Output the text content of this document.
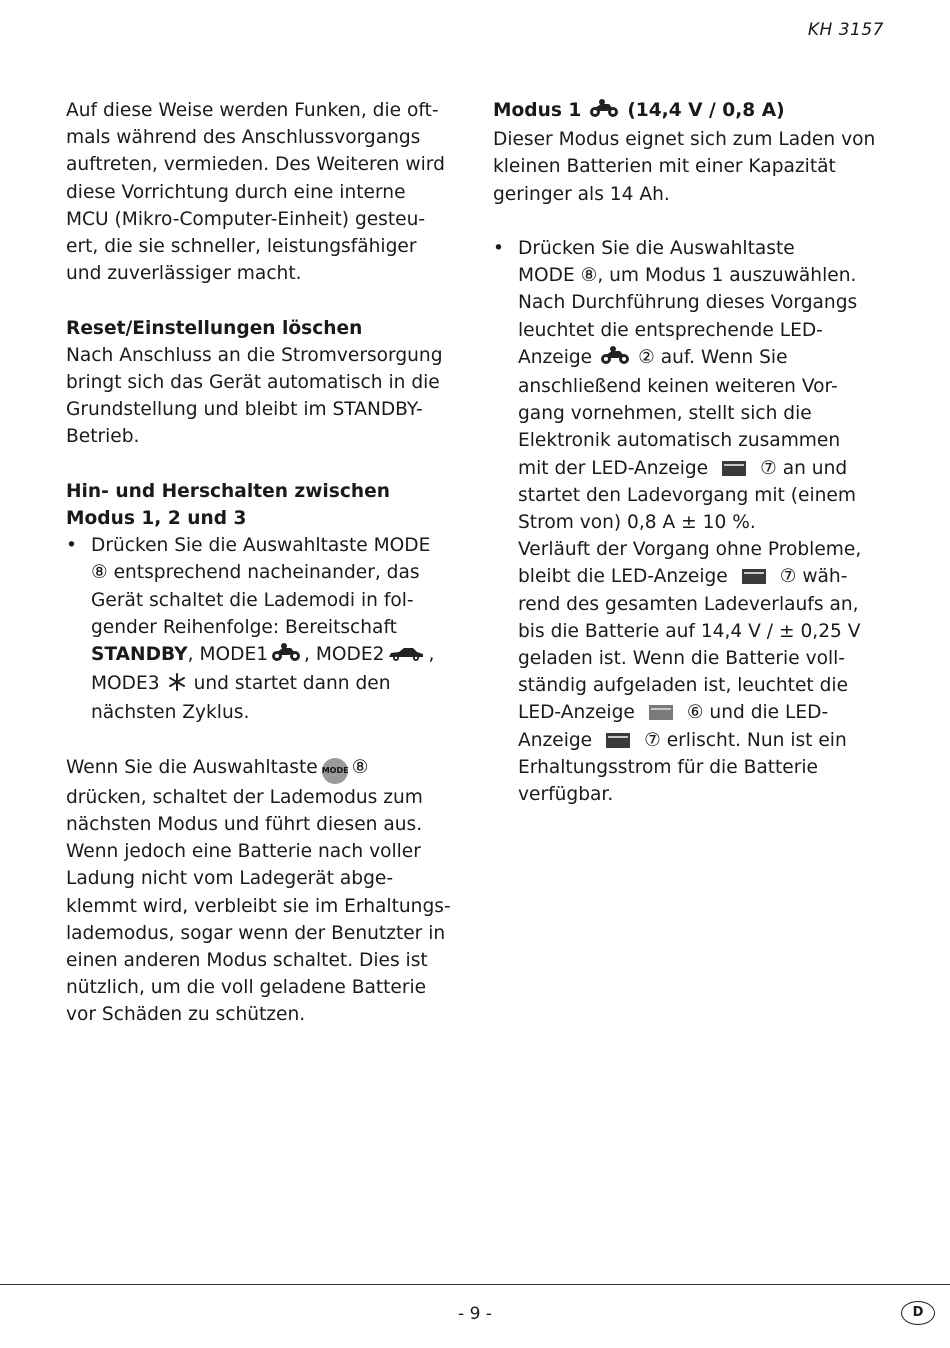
KH 3157

Auf diese Weise werden Funken, die oft-

mals während des Anschlussvorgangs

auftreten, vermieden. Des Weiteren wird

diese Vorrichtung durch eine interne

MCU (Mikro-Computer-Einheit) gesteu-

ert, die sie schneller, leistungsfähiger

und zuverlässiger macht.

Reset/Einstellungen löschen

Nach Anschluss an die Stromversorgung

bringt sich das Gerät automatisch in die

Grundstellung und bleibt im STANDBY-

Betrieb.

Hin- und Herschalten zwischen

Modus 1, 2 und 3

• Drücken Sie die Auswahltaste MODE

⑧ entsprechend nacheinander, das

Gerät schaltet die Lademodi in fol-

gender Reihenfolge: Bereitschaft

STANDBY, MODE1 , MODE2 ,

MODE3 und startet dann den

nächsten Zyklus.

Wenn Sie die Auswahltaste MODE ⑧

drücken, schaltet der Lademodus zum

nächsten Modus und führt diesen aus.

Wenn jedoch eine Batterie nach voller

Ladung nicht vom Ladegerät abge-

klemmt wird, verbleibt sie im Erhaltungs-

lademodus, sogar wenn der Benutzter in

einen anderen Modus schaltet. Dies ist

nützlich, um die voll geladene Batterie

vor Schäden zu schützen.

Modus 1 (14,4 V / 0,8 A)

Dieser Modus eignet sich zum Laden von

kleinen Batterien mit einer Kapazität

geringer als 14 Ah.

• Drücken Sie die Auswahltaste

MODE ⑧, um Modus 1 auszuwählen.

Nach Durchführung dieses Vorgangs

leuchtet die entsprechende LED-

Anzeige ② auf. Wenn Sie

anschließend keinen weiteren Vor-

gang vornehmen, stellt sich die

Elektronik automatisch zusammen

mit der LED-Anzeige	⑦ an und

startet den Ladevorgang mit (einem

Strom von) 0,8 A ± 10 %.

Verläuft der Vorgang ohne Probleme,

bleibt die LED-Anzeige	⑦ wäh-

rend des gesamten Ladeverlaufs an,

bis die Batterie auf 14,4 V / ± 0,25 V

geladen ist. Wenn die Batterie voll-

ständig aufgeladen ist, leuchtet die

LED-Anzeige	⑥ und die LED-

Anzeige	⑦ erlischt. Nun ist ein

Erhaltungsstrom für die Batterie

verfügbar.

- 9 -	D
